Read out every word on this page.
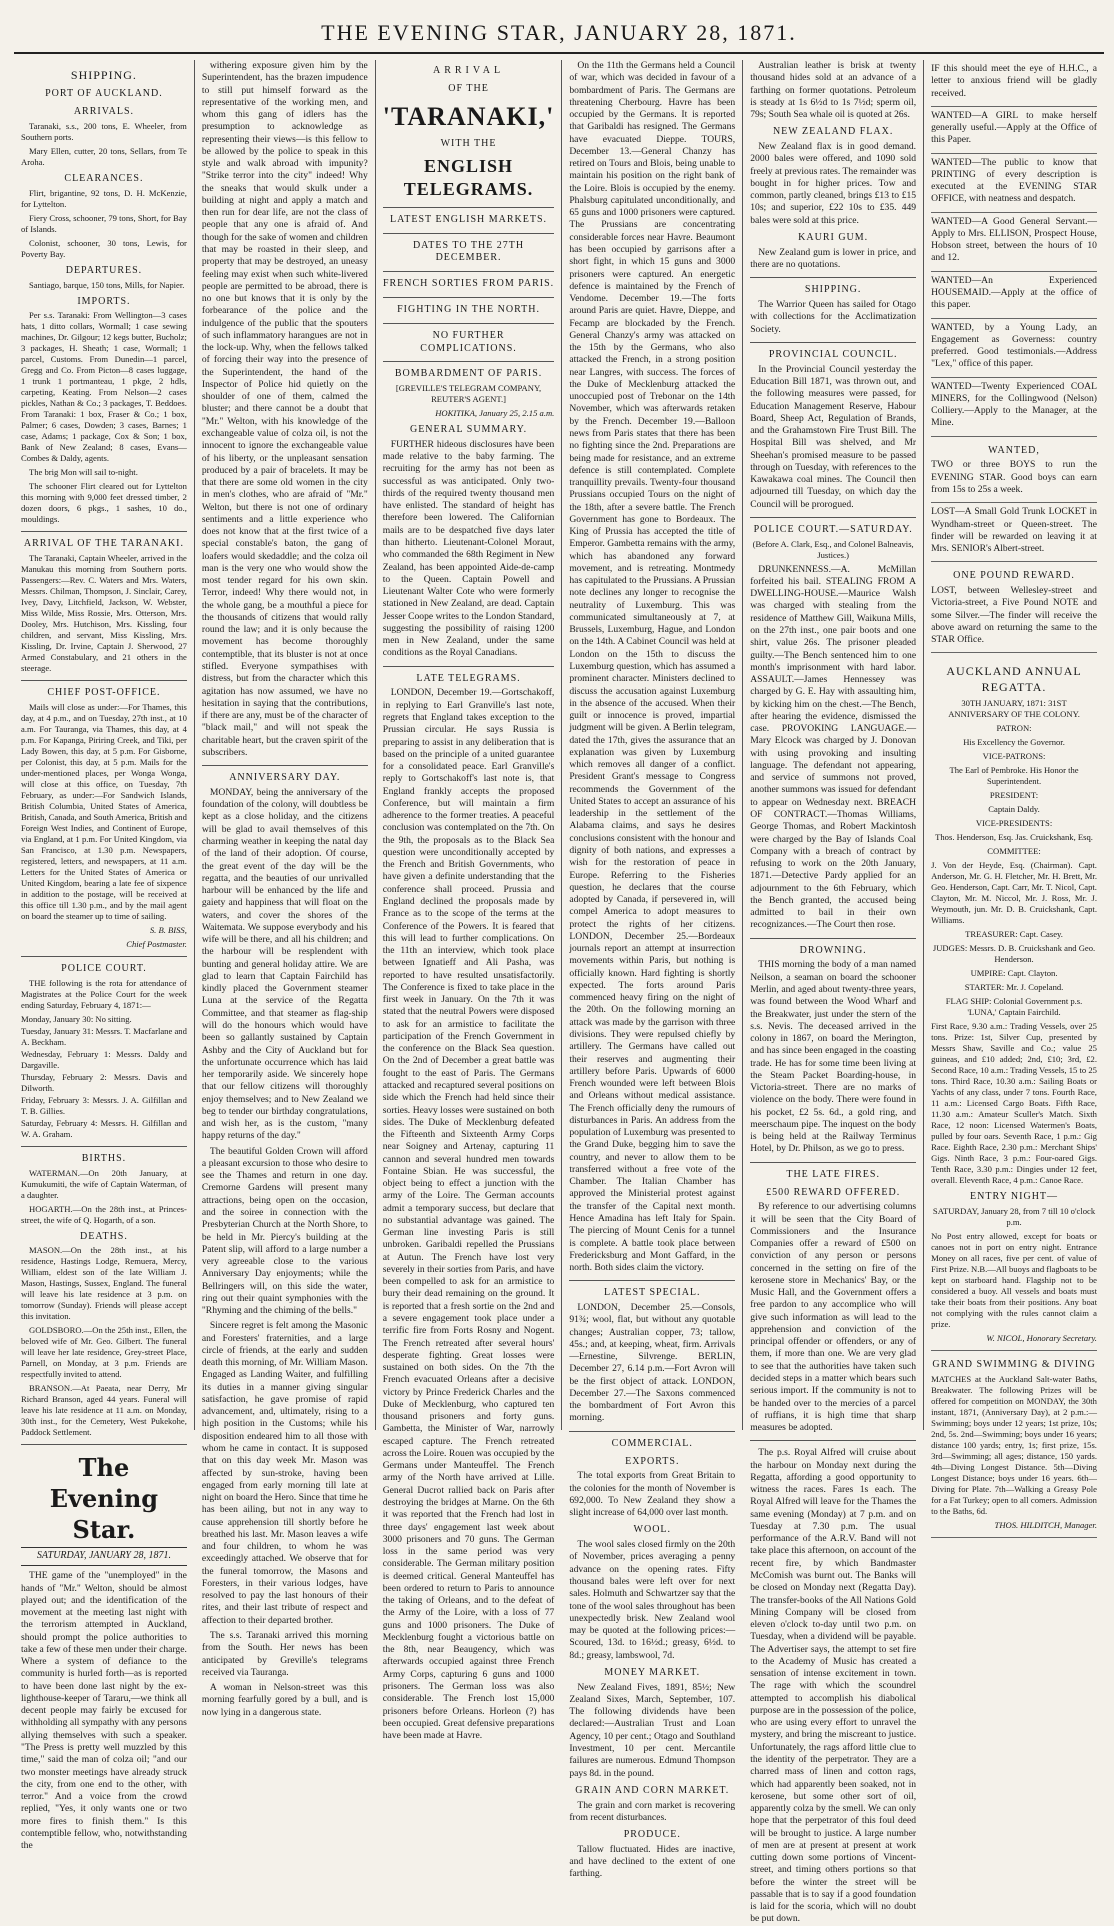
THE EVENING STAR, JANUARY 28, 1871.
SHIPPING.
PORT OF AUCKLAND.
ARRIVALS.

Taranaki, s.s., 200 tons, E. Wheeler, from Southern ports.

Mary Ellen, cutter, 20 tons, Sellars, from Te Aroha.

CLEARANCES.

Flirt, brigantine, 92 tons, D. H. McKenzie, for Lyttelton.

Fiery Cross, schooner, 79 tons, Short, for Bay of Islands.

Colonist, schooner, 30 tons, Lewis, for Poverty Bay.

DEPARTURES.

Santiago, barque, 150 tons, Mills, for Napier.

IMPORTS.

Per s.s. Taranaki: From Wellington—3 cases hats, 1 ditto collars, Wormall; 1 case sewing machines, Dr. Gilgour; 12 kegs butter, Bucholz; 3 packages, H. Sheath; 1 case, Wormall; 1 parcel, Customs. From Dunedin—1 parcel, Gregg and Co. From Picton—8 cases luggage, 1 trunk 1 portmanteau, 1 pkge, 2 hdls, carpeting, Keating. From Nelson—2 cases pickles, Nathan & Co.; 3 packages, T. Beddoes. From Taranaki: 1 box, Fraser & Co.; 1 box, Palmer; 6 cases, Dowden; 3 cases, Barnes; 1 case, Adams; 1 package, Cox & Son; 1 box, Bank of New Zealand; 8 cases, Evans—Combes & Daldy, agents.

The brig Mon will sail to-night.

The schooner Flirt cleared out for Lyttelton this morning with 9,000 feet dressed timber, 2 dozen doors, 6 pkgs., 1 sashes, 10 do., mouldings.

ARRIVAL OF THE TARANAKI.

The Taranaki, Captain Wheeler, arrived in the Manukau this morning from Southern ports. Passengers:—Rev. C. Waters and Mrs. Waters, Messrs. Chilman, Thompson, J. Sinclair, Carey, Ivey, Davy, Litchfield, Jackson, W. Webster, Miss Wilde, Miss Rossie, Mrs. Otterson, Mrs. Dooley, Mrs. Hutchison, Mrs. Kissling, four children, and servant, Miss Kissling, Mrs. Kissling, Dr. Irvine, Captain J. Sherwood, 27 Armed Constabulary, and 21 others in the steerage.

CHIEF POST-OFFICE.

Mails will close as under:—For Thames, this day, at 4 p.m., and on Tuesday, 27th inst., at 10 a.m. For Tauranga, via Thames, this day, at 4 p.m. For Kapanga, Piriring Creek, and Tiki, per Lady Bowen, this day, at 5 p.m. For Gisborne, per Colonist, this day, at 5 p.m. Mails for the under-mentioned places, per Wonga Wonga, will close at this office, on Tuesday, 7th February, as under:—For Sandwich Islands, British Columbia, United States of America, British, Canada, and South America, British and Foreign West Indies, and Continent of Europe, via England, at 1 p.m. For United Kingdom, via San Francisco, at 1.30 p.m. Newspapers, registered, letters, and newspapers, at 11 a.m. Letters for the United States of America or United Kingdom, bearing a late fee of sixpence in addition to the postage, will be received at this office till 1.30 p.m., and by the mail agent on board the steamer up to time of sailing.

S. B. BISS,

Chief Postmaster.

POLICE COURT.

THE following is the rota for attendance of Magistrates at the Police Court for the week ending Saturday, February 4, 1871:—

Monday, January 30: No sitting.
Tuesday, January 31: Messrs. T. Macfarlane and A. Beckham.
Wednesday, February 1: Messrs. Daldy and Dargaville.
Thursday, February 2: Messrs. Davis and Dilworth.
Friday, February 3: Messrs. J. A. Gilfillan and T. B. Gillies.
Saturday, February 4: Messrs. H. Gilfillan and W. A. Graham.
BIRTHS.

WATERMAN.—On 20th January, at Kumukumiti, the wife of Captain Waterman, of a daughter.

HOGARTH.—On the 28th inst., at Princes-street, the wife of Q. Hogarth, of a son.

DEATHS.

MASON.—On the 28th inst., at his residence, Hastings Lodge, Remuera, Mercy, William, eldest son of the late William J. Mason, Hastings, Sussex, England. The funeral will leave his late residence at 3 p.m. on tomorrow (Sunday). Friends will please accept this invitation.

GOLDSBORO.—On the 25th inst., Ellen, the beloved wife of Mr. Geo. Gilbert. The funeral will leave her late residence, Grey-street Place, Parnell, on Monday, at 3 p.m. Friends are respectfully invited to attend.

BRANSON.—At Paeata, near Derry, Mr Richard Branson, aged 44 years. Funeral will leave his late residence at 11 a.m. on Monday, 30th inst., for the Cemetery, West Pukekohe, Paddock Settlement.

The Evening Star.
SATURDAY, JANUARY 28, 1871.

THE game of the "unemployed" in the hands of "Mr." Welton, should be almost played out; and the identification of the movement at the meeting last night with the terrorism attempted in Auckland, should prompt the police authorities to take a few of these men under their charge. Where a system of defiance to the community is hurled forth—as is reported to have been done last night by the ex-lighthouse-keeper of Tararu,—we think all decent people may fairly be excused for withholding all sympathy with any persons allying themselves with such a speaker. "The Press is pretty well muzzled by this time," said the man of colza oil; "and our two monster meetings have already struck the city, from one end to the other, with terror." And a voice from the crowd replied, "Yes, it only wants one or two more fires to finish them." Is this contemptible fellow, who, notwithstanding the

withering exposure given him by the Superintendent, has the brazen impudence to still put himself forward as the representative of the working men, and whom this gang of idlers has the presumption to acknowledge as representing their views—is this fellow to be allowed by the police to speak in this style and walk abroad with impunity? "Strike terror into the city" indeed! Why the sneaks that would skulk under a building at night and apply a match and then run for dear life, are not the class of people that any one is afraid of. And though for the sake of women and children that may be roasted in their sleep, and property that may be destroyed, an uneasy feeling may exist when such white-livered people are permitted to be abroad, there is no one but knows that it is only by the forbearance of the police and the indulgence of the public that the spouters of such inflammatory harangues are not in the lock-up. Why, when the fellows talked of forcing their way into the presence of the Superintendent, the hand of the Inspector of Police hid quietly on the shoulder of one of them, calmed the bluster; and there cannot be a doubt that "Mr." Welton, with his knowledge of the exchangeable value of colza oil, is not the innocent to ignore the exchangeable value of his liberty, or the unpleasant sensation produced by a pair of bracelets. It may be that there are some old women in the city in men's clothes, who are afraid of "Mr." Welton, but there is not one of ordinary sentiments and a little experience who does not know that at the first twice of a special constable's baton, the gang of loafers would skedaddle; and the colza oil man is the very one who would show the most tender regard for his own skin. Terror, indeed! Why there would not, in the whole gang, be a mouthful a piece for the thousands of citizens that would rally round the law; and it is only because the movement has become thoroughly contemptible, that its bluster is not at once stifled. Everyone sympathises with distress, but from the character which this agitation has now assumed, we have no hesitation in saying that the contributions, if there are any, must be of the character of "black mail," and will not speak the charitable heart, but the craven spirit of the subscribers.

ANNIVERSARY DAY.

MONDAY, being the anniversary of the foundation of the colony, will doubtless be kept as a close holiday, and the citizens will be glad to avail themselves of this charming weather in keeping the natal day of the land of their adoption. Of course, the great event of the day will be the regatta, and the beauties of our unrivalled harbour will be enhanced by the life and gaiety and happiness that will float on the waters, and cover the shores of the Waitemata. We suppose everybody and his wife will be there, and all his children; and the harbour will be resplendent with bunting and general holiday attire. We are glad to learn that Captain Fairchild has kindly placed the Government steamer Luna at the service of the Regatta Committee, and that steamer as flag-ship will do the honours which would have been so gallantly sustained by Captain Ashby and the City of Auckland but for the unfortunate occurrence which has laid her temporarily aside. We sincerely hope that our fellow citizens will thoroughly enjoy themselves; and to New Zealand we beg to tender our birthday congratulations, and wish her, as is the custom, "many happy returns of the day."

The beautiful Golden Crown will afford a pleasant excursion to those who desire to see the Thames and return in one day. Cremorne Gardens will present many attractions, being open on the occasion, and the soiree in connection with the Presbyterian Church at the North Shore, to be held in Mr. Piercy's building at the Patent slip, will afford to a large number a very agreeable close to the various Anniversary Day enjoyments; while the Bellringers will, on this side the water, ring out their quaint symphonies with the "Rhyming and the chiming of the bells."

Sincere regret is felt among the Masonic and Foresters' fraternities, and a large circle of friends, at the early and sudden death this morning, of Mr. William Mason. Engaged as Landing Waiter, and fulfilling its duties in a manner giving singular satisfaction, he gave promise of rapid advancement, and, ultimately, rising to a high position in the Customs; while his disposition endeared him to all those with whom he came in contact. It is supposed that on this day week Mr. Mason was affected by sun-stroke, having been engaged from early morning till late at night on board the Hero. Since that time he has been ailing, but not in any way to cause apprehension till shortly before he breathed his last. Mr. Mason leaves a wife and four children, to whom he was exceedingly attached. We observe that for the funeral tomorrow, the Masons and Foresters, in their various lodges, have resolved to pay the last honours of their rites, and their last tribute of respect and affection to their departed brother.

The s.s. Taranaki arrived this morning from the South. Her news has been anticipated by Greville's telegrams received via Tauranga.

A woman in Nelson-street was this morning fearfully gored by a bull, and is now lying in a dangerous state.

ARRIVAL
OF THE
'TARANAKI,'
WITH THE
ENGLISH TELEGRAMS.
LATEST ENGLISH MARKETS.
DATES TO THE 27TH DECEMBER.
FRENCH SORTIES FROM PARIS.
FIGHTING IN THE NORTH.
NO FURTHER COMPLICATIONS.
BOMBARDMENT OF PARIS.

[GREVILLE'S TELEGRAM COMPANY, REUTER'S AGENT.]

HOKITIKA, January 25, 2.15 a.m.

GENERAL SUMMARY.

FURTHER hideous disclosures have been made relative to the baby farming. The recruiting for the army has not been as successful as was anticipated. Only two-thirds of the required twenty thousand men have enlisted. The standard of height has therefore been lowered. The Californian mails are to be despatched five days later than hitherto. Lieutenant-Colonel Moraut, who commanded the 68th Regiment in New Zealand, has been appointed Aide-de-camp to the Queen. Captain Powell and Lieutenant Walter Cote who were formerly stationed in New Zealand, are dead. Captain Jesser Coope writes to the London Standard, suggesting the possibility of raising 1200 men in New Zealand, under the same conditions as the Royal Canadians.

LATE TELEGRAMS.

LONDON, December 19.—Gortschakoff, in replying to Earl Granville's last note, regrets that England takes exception to the Prussian circular. He says Russia is preparing to assist in any deliberation that is based on the principle of a united guarantee for a consolidated peace. Earl Granville's reply to Gortschakoff's last note is, that England frankly accepts the proposed Conference, but will maintain a firm adherence to the former treaties. A peaceful conclusion was contemplated on the 7th. On the 9th, the proposals as to the Black Sea question were unconditionally accepted by the French and British Governments, who have given a definite understanding that the conference shall proceed. Prussia and England declined the proposals made by France as to the scope of the terms at the Conference of the Powers. It is feared that this will lead to further complications. On the 11th an interview, which took place between Ignatieff and Ali Pasha, was reported to have resulted unsatisfactorily. The Conference is fixed to take place in the first week in January. On the 7th it was stated that the neutral Powers were disposed to ask for an armistice to facilitate the participation of the French Government in the conference on the Black Sea question. On the 2nd of December a great battle was fought to the east of Paris. The Germans attacked and recaptured several positions on side which the French had held since their sorties. Heavy losses were sustained on both sides. The Duke of Mecklenburg defeated the Fifteenth and Sixteenth Army Corps near Soigney and Artenay, capturing 11 cannon and several hundred men towards Fontaine Sbian. He was successful, the object being to effect a junction with the army of the Loire. The German accounts admit a temporary success, but declare that no substantial advantage was gained. The German line investing Paris is still unbroken. Garibaldi repelled the Prussians at Autun. The French have lost very severely in their sorties from Paris, and have been compelled to ask for an armistice to bury their dead remaining on the ground. It is reported that a fresh sortie on the 2nd and a severe engagement took place under a terrific fire from Forts Rosny and Nogent. The French retreated after several hours' desperate fighting. Great losses were sustained on both sides. On the 7th the French evacuated Orleans after a decisive victory by Prince Frederick Charles and the Duke of Mecklenburg, who captured ten thousand prisoners and forty guns. Gambetta, the Minister of War, narrowly escaped capture. The French retreated across the Loire. Rouen was occupied by the Germans under Manteuffel. The French army of the North have arrived at Lille. General Ducrot rallied back on Paris after destroying the bridges at Marne. On the 6th it was reported that the French had lost in three days' engagement last week about 3000 prisoners and 70 guns. The German loss in the same period was very considerable. The German military position is deemed critical. General Manteuffel has been ordered to return to Paris to announce the taking of Orleans, and to the defeat of the Army of the Loire, with a loss of 77 guns and 1000 prisoners. The Duke of Mecklenburg fought a victorious battle on the 8th, near Beaugency, which was afterwards occupied against three French Army Corps, capturing 6 guns and 1000 prisoners. The German loss was also considerable. The French lost 15,000 prisoners before Orleans. Horleon (?) has been occupied. Great defensive preparations have been made at Havre.

On the 11th the Germans held a Council of war, which was decided in favour of a bombardment of Paris. The Germans are threatening Cherbourg. Havre has been occupied by the Germans. It is reported that Garibaldi has resigned. The Germans have evacuated Dieppe. TOURS, December 13.—General Chanzy has retired on Tours and Blois, being unable to maintain his position on the right bank of the Loire. Blois is occupied by the enemy. Phalsburg capitulated unconditionally, and 65 guns and 1000 prisoners were captured. The Prussians are concentrating considerable forces near Havre. Beaumont has been occupied by garrisons after a short fight, in which 15 guns and 3000 prisoners were captured. An energetic defence is maintained by the French of Vendome. December 19.—The forts around Paris are quiet. Havre, Dieppe, and Fecamp are blockaded by the French. General Chanzy's army was attacked on the 15th by the Germans, who also attacked the French, in a strong position near Langres, with success. The forces of the Duke of Mecklenburg attacked the unoccupied post of Trebonar on the 14th November, which was afterwards retaken by the French. December 19.—Balloon news from Paris states that there has been no fighting since the 2nd. Preparations are being made for resistance, and an extreme defence is still contemplated. Complete tranquillity prevails. Twenty-four thousand Prussians occupied Tours on the night of the 18th, after a severe battle. The French Government has gone to Bordeaux. The King of Prussia has accepted the title of Emperor. Gambetta remains with the army, which has abandoned any forward movement, and is retreating. Montmedy has capitulated to the Prussians. A Prussian note declines any longer to recognise the neutrality of Luxemburg. This was communicated simultaneously at 7, at Brussels, Luxemburg, Hague, and London on the 14th. A Cabinet Council was held at London on the 15th to discuss the Luxemburg question, which has assumed a prominent character. Ministers declined to discuss the accusation against Luxemburg in the absence of the accused. When their guilt or innocence is proved, impartial judgment will be given. A Berlin telegram, dated the 17th, gives the assurance that an explanation was given by Luxemburg which removes all danger of a conflict. President Grant's message to Congress recommends the Government of the United States to accept an assurance of his leadership in the settlement of the Alabama claims, and says he desires conclusions consistent with the honour and dignity of both nations, and expresses a wish for the restoration of peace in Europe. Referring to the Fisheries question, he declares that the course adopted by Canada, if persevered in, will compel America to adopt measures to protect the rights of her citizens. LONDON, December 25.—Bordeaux journals report an attempt at insurrection movements within Paris, but nothing is officially known. Hard fighting is shortly expected. The forts around Paris commenced heavy firing on the night of the 20th. On the following morning an attack was made by the garrison with three divisions. They were repulsed chiefly by artillery. The Germans have called out their reserves and augmenting their artillery before Paris. Upwards of 6000 French wounded were left between Blois and Orleans without medical assistance. The French officially deny the rumours of disturbances in Paris. An address from the population of Luxemburg was presented to the Grand Duke, begging him to save the country, and never to allow them to be transferred without a free vote of the Chamber. The Italian Chamber has approved the Ministerial protest against the transfer of the Capital next month. Hence Amadina has left Italy for Spain. The piercing of Mount Cenis for a tunnel is complete. A battle took place between Fredericksburg and Mont Gaffard, in the north. Both sides claim the victory.

LATEST SPECIAL.

LONDON, December 25.—Consols, 91¾; wool, flat, but without any quotable changes; Australian copper, 73; tallow, 45s.; and, at keeping, wheat, firm. Arrivals—Ernestine, Silvrenge. BERLIN, December 27, 6.14 p.m.—Fort Avron will be the first object of attack. LONDON, December 27.—The Saxons commenced the bombardment of Fort Avron this morning.

COMMERCIAL.
EXPORTS.

The total exports from Great Britain to the colonies for the month of November is 692,000. To New Zealand they show a slight increase of 64,000 over last month.

WOOL.

The wool sales closed firmly on the 20th of November, prices averaging a penny advance on the opening rates. Fifty thousand bales were left over for next sales. Holmuth and Schwartzer say that the tone of the wool sales throughout has been unexpectedly brisk. New Zealand wool may be quoted at the following prices:—Scoured, 13d. to 16½d.; greasy, 6½d. to 8d.; greasy, lambswool, 7d.

MONEY MARKET.

New Zealand Fives, 1891, 85½; New Zealand Sixes, March, September, 107. The following dividends have been declared:—Australian Trust and Loan Agency, 10 per cent.; Otago and Southland Investment, 10 per cent. Mercantile failures are numerous. Edmund Thompson pays 8d. in the pound.

GRAIN AND CORN MARKET.

The grain and corn market is recovering from recent disturbances.

PRODUCE.

Tallow fluctuated. Hides are inactive, and have declined to the extent of one farthing.

Australian leather is brisk at twenty thousand hides sold at an advance of a farthing on former quotations. Petroleum is steady at 1s 6½d to 1s 7½d; sperm oil, 79s; South Sea whale oil is quoted at 26s.

NEW ZEALAND FLAX.

New Zealand flax is in good demand. 2000 bales were offered, and 1090 sold freely at previous rates. The remainder was bought in for higher prices. Tow and common, partly cleaned, brings £13 to £15 10s; and superior, £22 10s to £35. 449 bales were sold at this price.

KAURI GUM.

New Zealand gum is lower in price, and there are no quotations.

SHIPPING.

The Warrior Queen has sailed for Otago with collections for the Acclimatization Society.

PROVINCIAL COUNCIL.

In the Provincial Council yesterday the Education Bill 1871, was thrown out, and the following measures were passed, for Education Management Reserve, Habour Board, Sheep Act, Regulation of Brands, and the Grahamstown Fire Trust Bill. The Hospital Bill was shelved, and Mr Sheehan's promised measure to be passed through on Tuesday, with references to the Kawakawa coal mines. The Council then adjourned till Tuesday, on which day the Council will be prorogued.

POLICE COURT.—SATURDAY.

(Before A. Clark, Esq., and Colonel Balneavis, Justices.)

DRUNKENNESS.—A. McMillan forfeited his bail. STEALING FROM A DWELLING-HOUSE.—Maurice Walsh was charged with stealing from the residence of Matthew Gill, Waikuna Mills, on the 27th inst., one pair boots and one shirt, value 26s. The prisoner pleaded guilty.—The Bench sentenced him to one month's imprisonment with hard labor. ASSAULT.—James Hennessey was charged by G. E. Hay with assaulting him, by kicking him on the chest.—The Bench, after hearing the evidence, dismissed the case. PROVOKING LANGUAGE.—Mary Elcock was charged by J. Donovan with using provoking and insulting language. The defendant not appearing, and service of summons not proved, another summons was issued for defendant to appear on Wednesday next. BREACH OF CONTRACT.—Thomas Williams, George Thomas, and Robert Mackintosh were charged by the Bay of Islands Coal Company with a breach of contract by refusing to work on the 20th January, 1871.—Detective Pardy applied for an adjournment to the 6th February, which the Bench granted, the accused being admitted to bail in their own recognizances.—The Court then rose.

DROWNING.

THIS morning the body of a man named Neilson, a seaman on board the schooner Merlin, and aged about twenty-three years, was found between the Wood Wharf and the Breakwater, just under the stern of the s.s. Nevis. The deceased arrived in the colony in 1867, on board the Merington, and has since been engaged in the coasting trade. He has for some time been living at the Steam Packet Boarding-house, in Victoria-street. There are no marks of violence on the body. There were found in his pocket, £2 5s. 6d., a gold ring, and meerschaum pipe. The inquest on the body is being held at the Railway Terminus Hotel, by Dr. Philson, as we go to press.

THE LATE FIRES.
£500 REWARD OFFERED.

By reference to our advertising columns it will be seen that the City Board of Commissioners and the Insurance Companies offer a reward of £500 on conviction of any person or persons concerned in the setting on fire of the kerosene store in Mechanics' Bay, or the Music Hall, and the Government offers a free pardon to any accomplice who will give such information as will lead to the apprehension and conviction of the principal offender or offenders, or any of them, if more than one. We are very glad to see that the authorities have taken such decided steps in a matter which bears such serious import. If the community is not to be handed over to the mercies of a parcel of ruffians, it is high time that sharp measures be adopted.

The p.s. Royal Alfred will cruise about the harbour on Monday next during the Regatta, affording a good opportunity to witness the races. Fares 1s each. The Royal Alfred will leave for the Thames the same evening (Monday) at 7 p.m. and on Tuesday at 7.30 p.m. The usual performance of the A.R.V. Band will not take place this afternoon, on account of the recent fire, by which Bandmaster McComish was burnt out. The Banks will be closed on Monday next (Regatta Day). The transfer-books of the All Nations Gold Mining Company will be closed from eleven o'clock to-day until two p.m. on Tuesday, when a dividend will be payable. The Advertiser says, the attempt to set fire to the Academy of Music has created a sensation of intense excitement in town. The rage with which the scoundrel attempted to accomplish his diabolical purpose are in the possession of the police, who are using every effort to unravel the mystery, and bring the miscreant to justice. Unfortunately, the rags afford little clue to the identity of the perpetrator. They are a charred mass of linen and cotton rags, which had apparently been soaked, not in kerosene, but some other sort of oil, apparently colza by the smell. We can only hope that the perpetrator of this foul deed will be brought to justice. A large number of men are at present at present at work cutting down some portions of Vincent-street, and timing others portions so that before the winter the street will be passable that is to say if a good foundation is laid for the scoria, which will no doubt be put down.

IF this should meet the eye of H.H.C., a letter to anxious friend will be gladly received.

WANTED—A GIRL to make herself generally useful.—Apply at the Office of this Paper.

WANTED—The public to know that PRINTING of every description is executed at the EVENING STAR OFFICE, with neatness and despatch.

WANTED—A Good General Servant.—Apply to Mrs. ELLISON, Prospect House, Hobson street, between the hours of 10 and 12.

WANTED—An Experienced HOUSEMAID.—Apply at the office of this paper.

WANTED, by a Young Lady, an Engagement as Governess: country preferred. Good testimonials.—Address "Lex," office of this paper.

WANTED—Twenty Experienced COAL MINERS, for the Collingwood (Nelson) Colliery.—Apply to the Manager, at the Mine.

WANTED,

TWO or three BOYS to run the EVENING STAR. Good boys can earn from 15s to 25s a week.

LOST—A Small Gold Trunk LOCKET in Wyndham-street or Queen-street. The finder will be rewarded on leaving it at Mrs. SENIOR's Albert-street.

ONE POUND REWARD.

LOST, between Wellesley-street and Victoria-street, a Five Pound NOTE and some Silver.—The finder will receive the above award on returning the same to the STAR Office.

AUCKLAND ANNUAL REGATTA.

30TH JANUARY, 1871: 31ST ANNIVERSARY OF THE COLONY.

PATRON:

His Excellency the Governor.

VICE-PATRONS:

The Earl of Pembroke. His Honor the Superintendent.

PRESIDENT:

Captain Daldy.

VICE-PRESIDENTS:

Thos. Henderson, Esq. Jas. Cruickshank, Esq.

COMMITTEE:

J. Von der Heyde, Esq. (Chairman). Capt. Anderson, Mr. G. H. Fletcher, Mr. H. Brett, Mr. Geo. Henderson, Capt. Carr, Mr. T. Nicol, Capt. Clayton, Mr. M. Niccol, Mr. J. Ross, Mr. J. Weymouth, jun. Mr. D. B. Cruickshank, Capt. Williams.

TREASURER: Capt. Casey.

JUDGES: Messrs. D. B. Cruickshank and Geo. Henderson.

UMPIRE: Capt. Clayton.

STARTER: Mr. J. Copeland.

FLAG SHIP: Colonial Government p.s. 'LUNA,' Captain Fairchild.

First Race, 9.30 a.m.: Trading Vessels, over 25 tons. Prize: 1st, Silver Cup, presented by Messrs Shaw, Saville and Co.; value 25 guineas, and £10 added; 2nd, £10; 3rd, £2. Second Race, 10 a.m.: Trading Vessels, 15 to 25 tons. Third Race, 10.30 a.m.: Sailing Boats or Yachts of any class, under 7 tons. Fourth Race, 11 a.m.: Licensed Cargo Boats. Fifth Race, 11.30 a.m.: Amateur Sculler's Match. Sixth Race, 12 noon: Licensed Watermen's Boats, pulled by four oars. Seventh Race, 1 p.m.: Gig Race. Eighth Race, 2.30 p.m.: Merchant Ships' Gigs. Ninth Race, 3 p.m.: Four-oared Gigs. Tenth Race, 3.30 p.m.: Dingies under 12 feet, overall. Eleventh Race, 4 p.m.: Canoe Race.

ENTRY NIGHT—

SATURDAY, January 28, from 7 till 10 o'clock p.m.

No Post entry allowed, except for boats or canoes not in port on entry night. Entrance Money on all races, five per cent. of value of First Prize. N.B.—All buoys and flagboats to be kept on starboard hand. Flagship not to be considered a buoy. All vessels and boats must take their boats from their positions. Any boat not complying with the rules cannot claim a prize.

W. NICOL, Honorary Secretary.

GRAND SWIMMING & DIVING

MATCHES at the Auckland Salt-water Baths, Breakwater. The following Prizes will be offered for competition on MONDAY, the 30th instant, 1871, (Anniversary Day), at 2 p.m.:—Swimming; boys under 12 years; 1st prize, 10s; 2nd, 5s. 2nd—Swimming; boys under 16 years; distance 100 yards; entry, 1s; first prize, 15s. 3rd—Swimming; all ages; distance, 150 yards. 4th—Diving Longest Distance. 5th—Diving Longest Distance; boys under 16 years. 6th—Diving for Plate. 7th—Walking a Greasy Pole for a Fat Turkey; open to all comers. Admission to the Baths, 6d.

THOS. HILDITCH, Manager.
